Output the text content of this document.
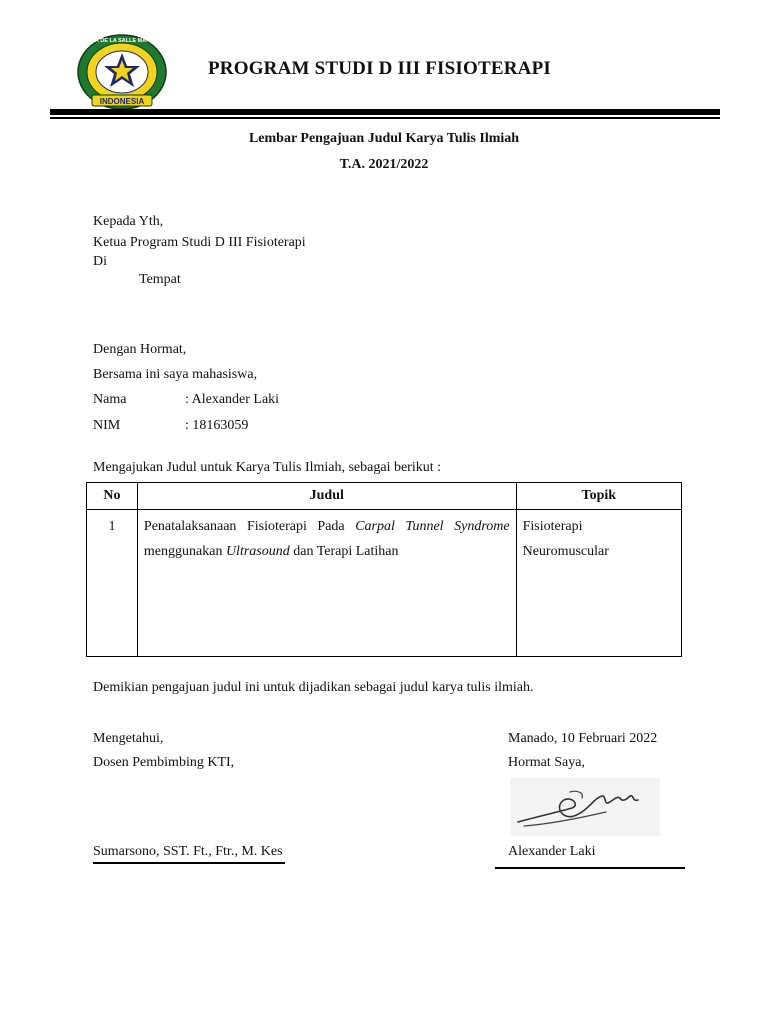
INDONESIA
UNIKA DE LA SALLE MANADO
PROGRAM STUDI D III FISIOTERAPI
Lembar Pengajuan Judul Karya Tulis Ilmiah
T.A. 2021/2022
Kepada Yth,
Ketua Program Studi D III Fisioterapi
Di
Tempat
Dengan Hormat,
Bersama ini saya mahasiswa,
Nama	: Alexander Laki
NIM	: 18163059
Mengajukan Judul untuk Karya Tulis Ilmiah, sebagai berikut :
No	Judul	Topik
1	Penatalaksanaan Fisioterapi Pada Carpal Tunnel Syndrome menggunakan Ultrasound dan Terapi Latihan	Fisioterapi
Neuromuscular
Demikian pengajuan judul ini untuk dijadikan sebagai judul karya tulis ilmiah.
Mengetahui,
Dosen Pembimbing KTI,
Sumarsono, SST. Ft., Ftr., M. Kes
Manado, 10 Februari 2022
Hormat Saya,
Alexander Laki
